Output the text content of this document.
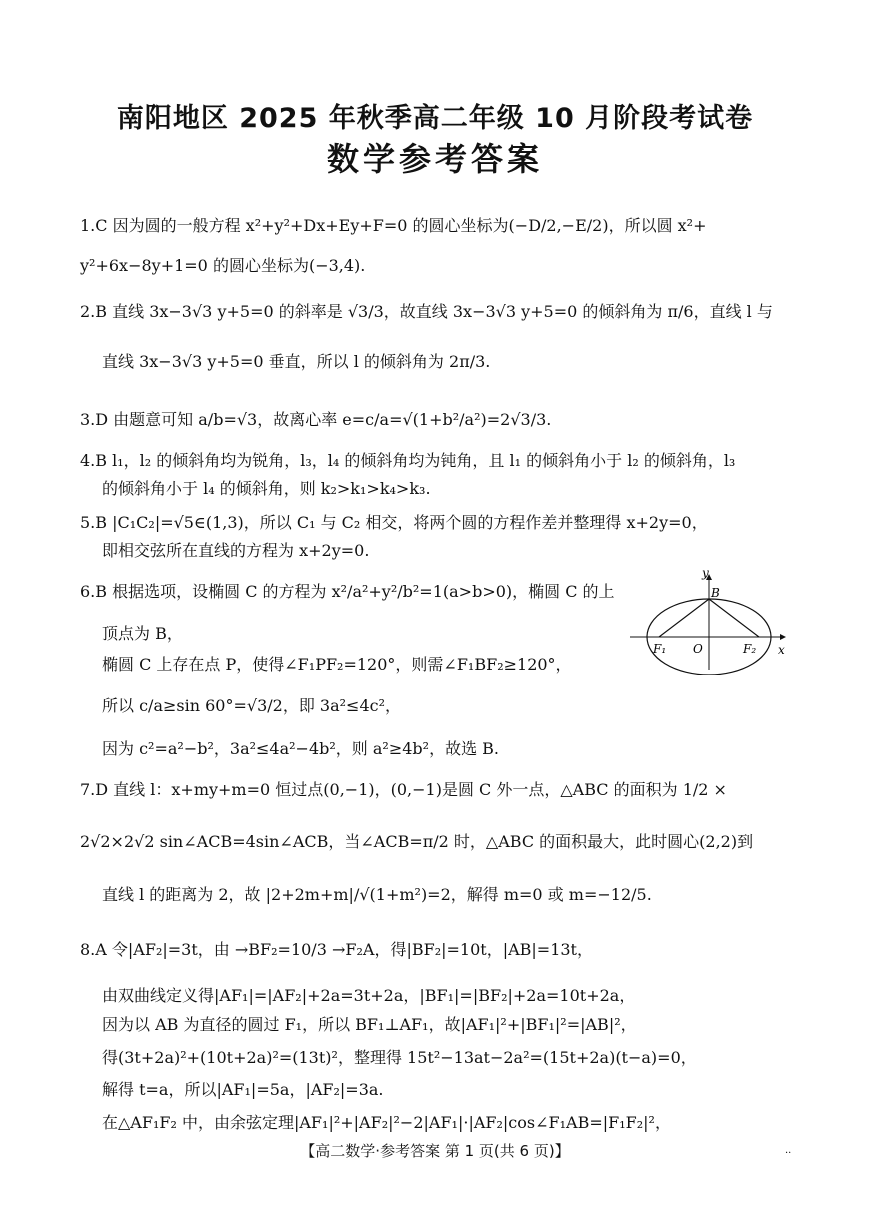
南阳地区 2025 年秋季高二年级 10 月阶段考试卷
数学参考答案
1.C 因为圆的一般方程 x²+y²+Dx+Ey+F=0 的圆心坐标为(−D/2,−E/2)，所以圆 x²+
y²+6x−8y+1=0 的圆心坐标为(−3,4).
2.B 直线 3x−3√3 y+5=0 的斜率是 √3/3，故直线 3x−3√3 y+5=0 的倾斜角为 π/6，直线 l 与
直线 3x−3√3 y+5=0 垂直，所以 l 的倾斜角为 2π/3.
3.D 由题意可知 a/b=√3，故离心率 e=c/a=√(1+b²/a²)=2√3/3.
4.B l₁，l₂ 的倾斜角均为锐角，l₃，l₄ 的倾斜角均为钝角，且 l₁ 的倾斜角小于 l₂ 的倾斜角，l₃
的倾斜角小于 l₄ 的倾斜角，则 k₂>k₁>k₄>k₃.
5.B |C₁C₂|=√5∈(1,3)，所以 C₁ 与 C₂ 相交，将两个圆的方程作差并整理得 x+2y=0，
即相交弦所在直线的方程为 x+2y=0.
6.B 根据选项，设椭圆 C 的方程为 x²/a²+y²/b²=1(a>b>0)，椭圆 C 的上
顶点为 B，
椭圆 C 上存在点 P，使得∠F₁PF₂=120°，则需∠F₁BF₂≥120°，
所以 c/a≥sin 60°=√3/2，即 3a²≤4c²，
因为 c²=a²−b²，3a²≤4a²−4b²，则 a²≥4b²，故选 B.
7.D 直线 l：x+my+m=0 恒过点(0,−1)，(0,−1)是圆 C 外一点，△ABC 的面积为 1/2 ×
2√2×2√2 sin∠ACB=4sin∠ACB，当∠ACB=π/2 时，△ABC 的面积最大，此时圆心(2,2)到
直线 l 的距离为 2，故 |2+2m+m|/√(1+m²)=2，解得 m=0 或 m=−12/5.
8.A 令|AF₂|=3t，由 →BF₂=10/3 →F₂A，得|BF₂|=10t，|AB|=13t，
由双曲线定义得|AF₁|=|AF₂|+2a=3t+2a，|BF₁|=|BF₂|+2a=10t+2a，
因为以 AB 为直径的圆过 F₁，所以 BF₁⊥AF₁，故|AF₁|²+|BF₁|²=|AB|²，
得(3t+2a)²+(10t+2a)²=(13t)²，整理得 15t²−13at−2a²=(15t+2a)(t−a)=0，
解得 t=a，所以|AF₁|=5a，|AF₂|=3a.
在△AF₁F₂ 中，由余弦定理|AF₁|²+|AF₂|²−2|AF₁|·|AF₂|cos∠F₁AB=|F₁F₂|²，
y
x
B
O
F₁	F₂
【高二数学·参考答案 第 1 页(共 6 页)】	··
